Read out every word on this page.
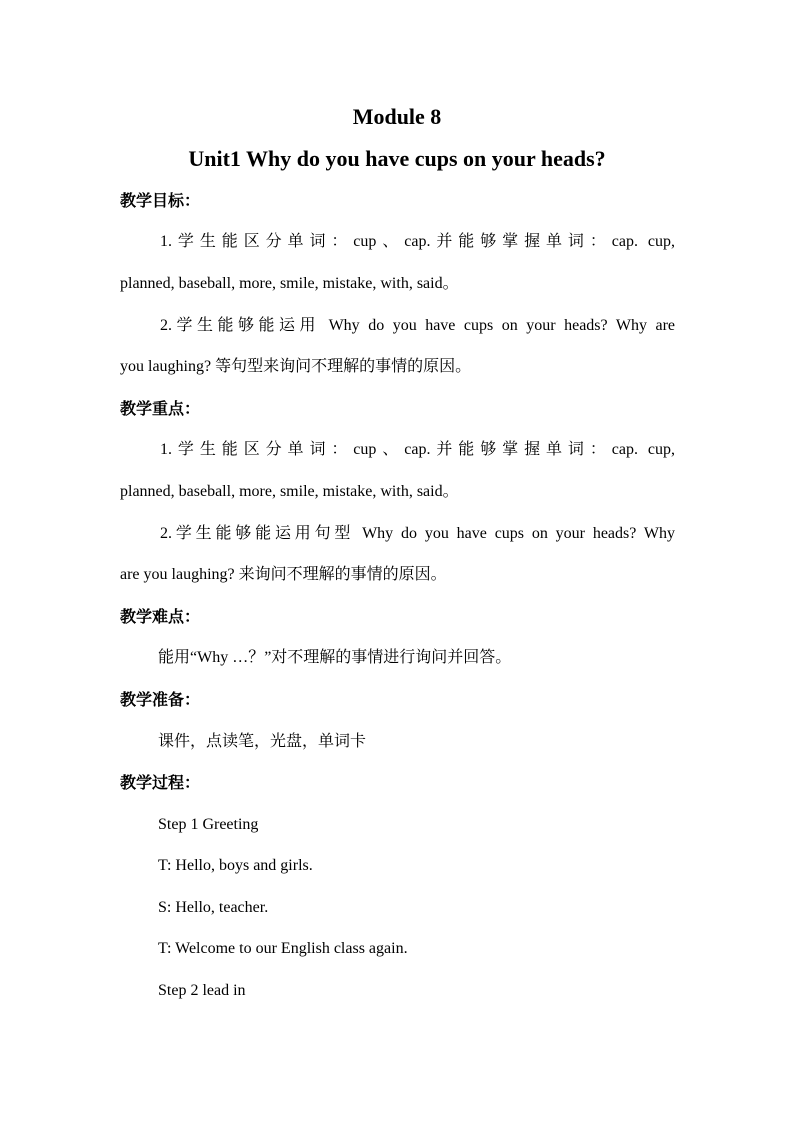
Module 8
Unit1 Why do you have cups on your heads?
教学目标：
1.学生能区分单词：cup、cap.并能够掌握单词：cap. cup,
planned, baseball, more, smile, mistake, with, said。
2.学生能够能运用 Why do you have cups on your heads? Why are
you laughing? 等句型来询问不理解的事情的原因。
教学重点：
1.学生能区分单词：cup、cap.并能够掌握单词：cap. cup,
planned, baseball, more, smile, mistake, with, said。
2.学生能够能运用句型 Why do you have cups on your heads? Why
are you laughing? 来询问不理解的事情的原因。
教学难点：
能用“Why …？”对不理解的事情进行询问并回答。
教学准备：
课件，点读笔，光盘，单词卡
教学过程：
Step 1 Greeting
T: Hello, boys and girls.
S: Hello, teacher.
T: Welcome to our English class again.
Step 2 lead in
